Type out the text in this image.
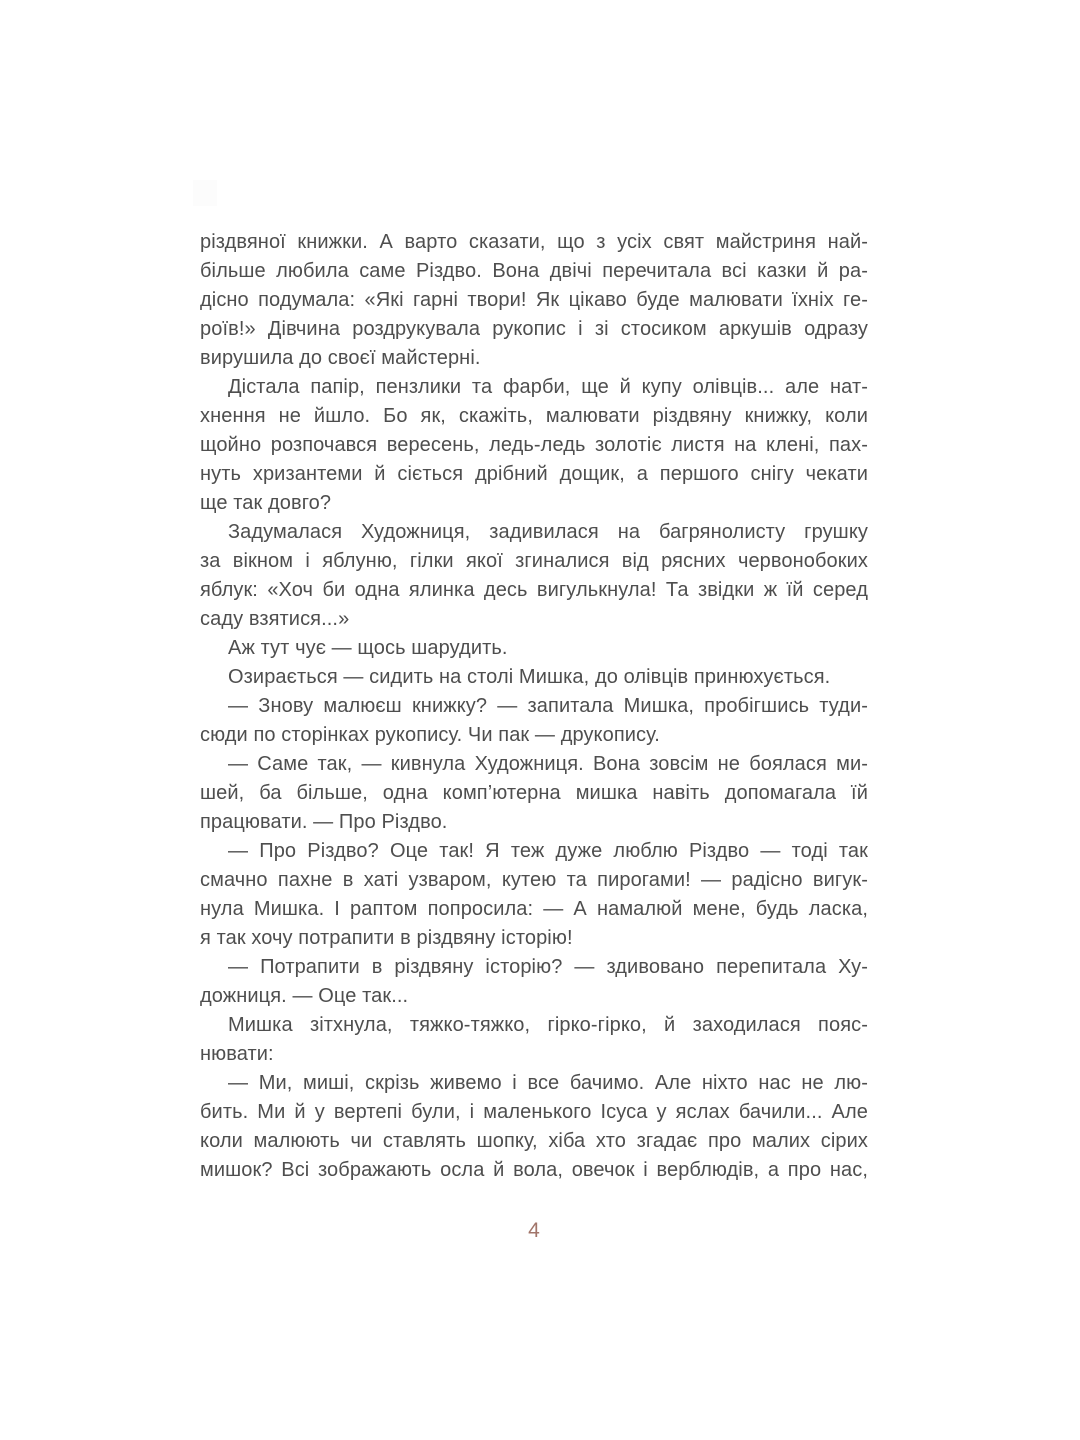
різдвяної книжки. А варто сказати, що з усіх свят майстриня най-
більше любила саме Різдво. Вона двічі перечитала всі казки й ра-
дісно подумала: «Які гарні твори! Як цікаво буде малювати їхніх ге-
роїв!» Дівчина роздрукувала рукопис і зі стосиком аркушів одразу
вирушила до своєї майстерні.
Дістала папір, пензлики та фарби, ще й купу олівців... але нат-
хнення не йшло. Бо як, скажіть, малювати різдвяну книжку, коли
щойно розпочався вересень, ледь-ледь золотіє листя на клені, пах-
нуть хризантеми й сіється дрібний дощик, а першого снігу чекати
ще так довго?
Задумалася Художниця, задивилася на багрянолисту грушку
за вікном і яблуню, гілки якої згиналися від рясних червонобоких
яблук: «Хоч би одна ялинка десь вигулькнула! Та звідки ж їй серед
саду взятися...»
Аж тут чує — щось шарудить.
Озирається — сидить на столі Мишка, до олівців принюхується.
— Знову малюєш книжку? — запитала Мишка, пробігшись туди-
сюди по сторінках рукопису. Чи пак — друкопису.
— Саме так, — кивнула Художниця. Вона зовсім не боялася ми-
шей, ба більше, одна комп’ютерна мишка навіть допомагала їй
працювати. — Про Різдво.
— Про Різдво? Оце так! Я теж дуже люблю Різдво — тоді так
смачно пахне в хаті узваром, кутею та пирогами! — радісно вигук-
нула Мишка. І раптом попросила: — А намалюй мене, будь ласка,
я так хочу потрапити в різдвяну історію!
— Потрапити в різдвяну історію? — здивовано перепитала Ху-
дожниця. — Оце так...
Мишка зітхнула, тяжко-тяжко, гірко-гірко, й заходилася пояс-
нювати:
— Ми, миші, скрізь живемо і все бачимо. Але ніхто нас не лю-
бить. Ми й у вертепі були, і маленького Ісуса у яслах бачили... Але
коли малюють чи ставлять шопку, хіба хто згадає про малих сірих
мишок? Всі зображають осла й вола, овечок і верблюдів, а про нас,
4
